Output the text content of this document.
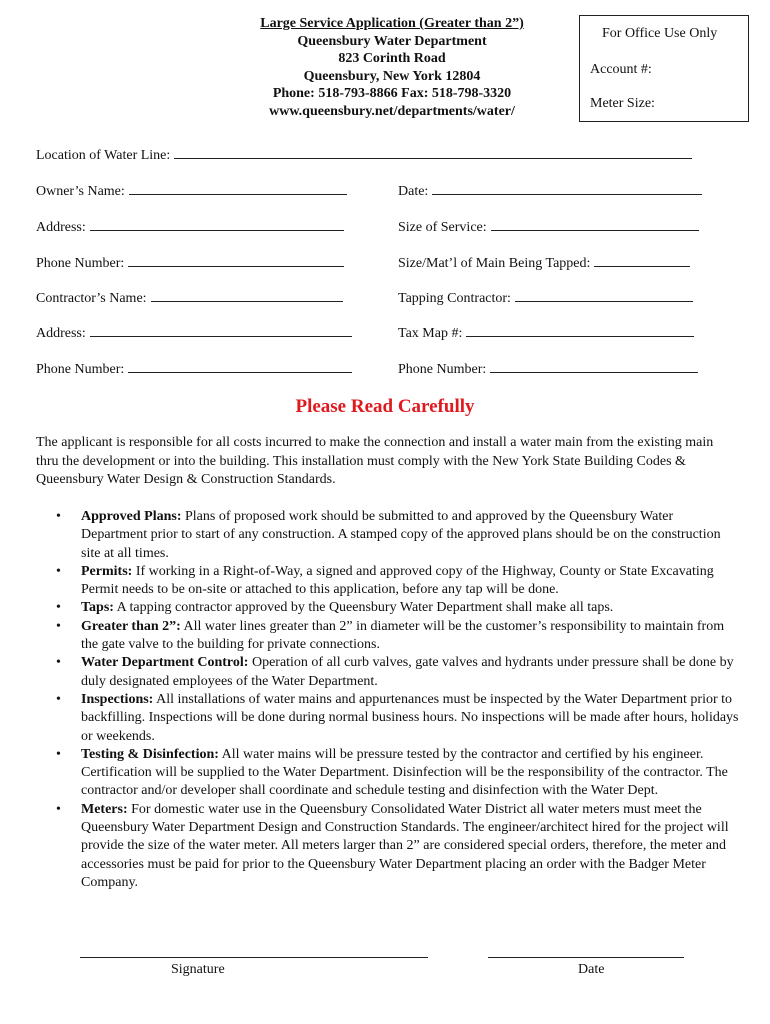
Large Service Application (Greater than 2”)
Queensbury Water Department
823 Corinth Road
Queensbury, New York 12804
Phone: 518-793-8866 Fax: 518-798-3320
www.queensbury.net/departments/water/
For Office Use Only
Account #:
Meter Size:
Location of Water Line:
Owner’s Name:	Date:
Address:	Size of Service:
Phone Number:	Size/Mat’l of Main Being Tapped:
Contractor’s Name:	Tapping Contractor:
Address:	Tax Map #:
Phone Number:	Phone Number:
Please Read Carefully
The applicant is responsible for all costs incurred to make the connection and install a water main from the existing main thru the development or into the building. This installation must comply with the New York State Building Codes & Queensbury Water Design & Construction Standards.
• Approved Plans: Plans of proposed work should be submitted to and approved by the Queensbury Water Department prior to start of any construction. A stamped copy of the approved plans should be on the construction site at all times.
• Permits: If working in a Right-of-Way, a signed and approved copy of the Highway, County or State Excavating Permit needs to be on-site or attached to this application, before any tap will be done.
• Taps: A tapping contractor approved by the Queensbury Water Department shall make all taps.
• Greater than 2”: All water lines greater than 2” in diameter will be the customer’s responsibility to maintain from the gate valve to the building for private connections.
• Water Department Control: Operation of all curb valves, gate valves and hydrants under pressure shall be done by duly designated employees of the Water Department.
• Inspections: All installations of water mains and appurtenances must be inspected by the Water Department prior to backfilling. Inspections will be done during normal business hours. No inspections will be made after hours, holidays or weekends.
• Testing & Disinfection: All water mains will be pressure tested by the contractor and certified by his engineer. Certification will be supplied to the Water Department. Disinfection will be the responsibility of the contractor. The contractor and/or developer shall coordinate and schedule testing and disinfection with the Water Dept.
• Meters: For domestic water use in the Queensbury Consolidated Water District all water meters must meet the Queensbury Water Department Design and Construction Standards. The engineer/architect hired for the project will provide the size of the water meter. All meters larger than 2” are considered special orders, therefore, the meter and accessories must be paid for prior to the Queensbury Water Department placing an order with the Badger Meter Company.
Signature	Date
